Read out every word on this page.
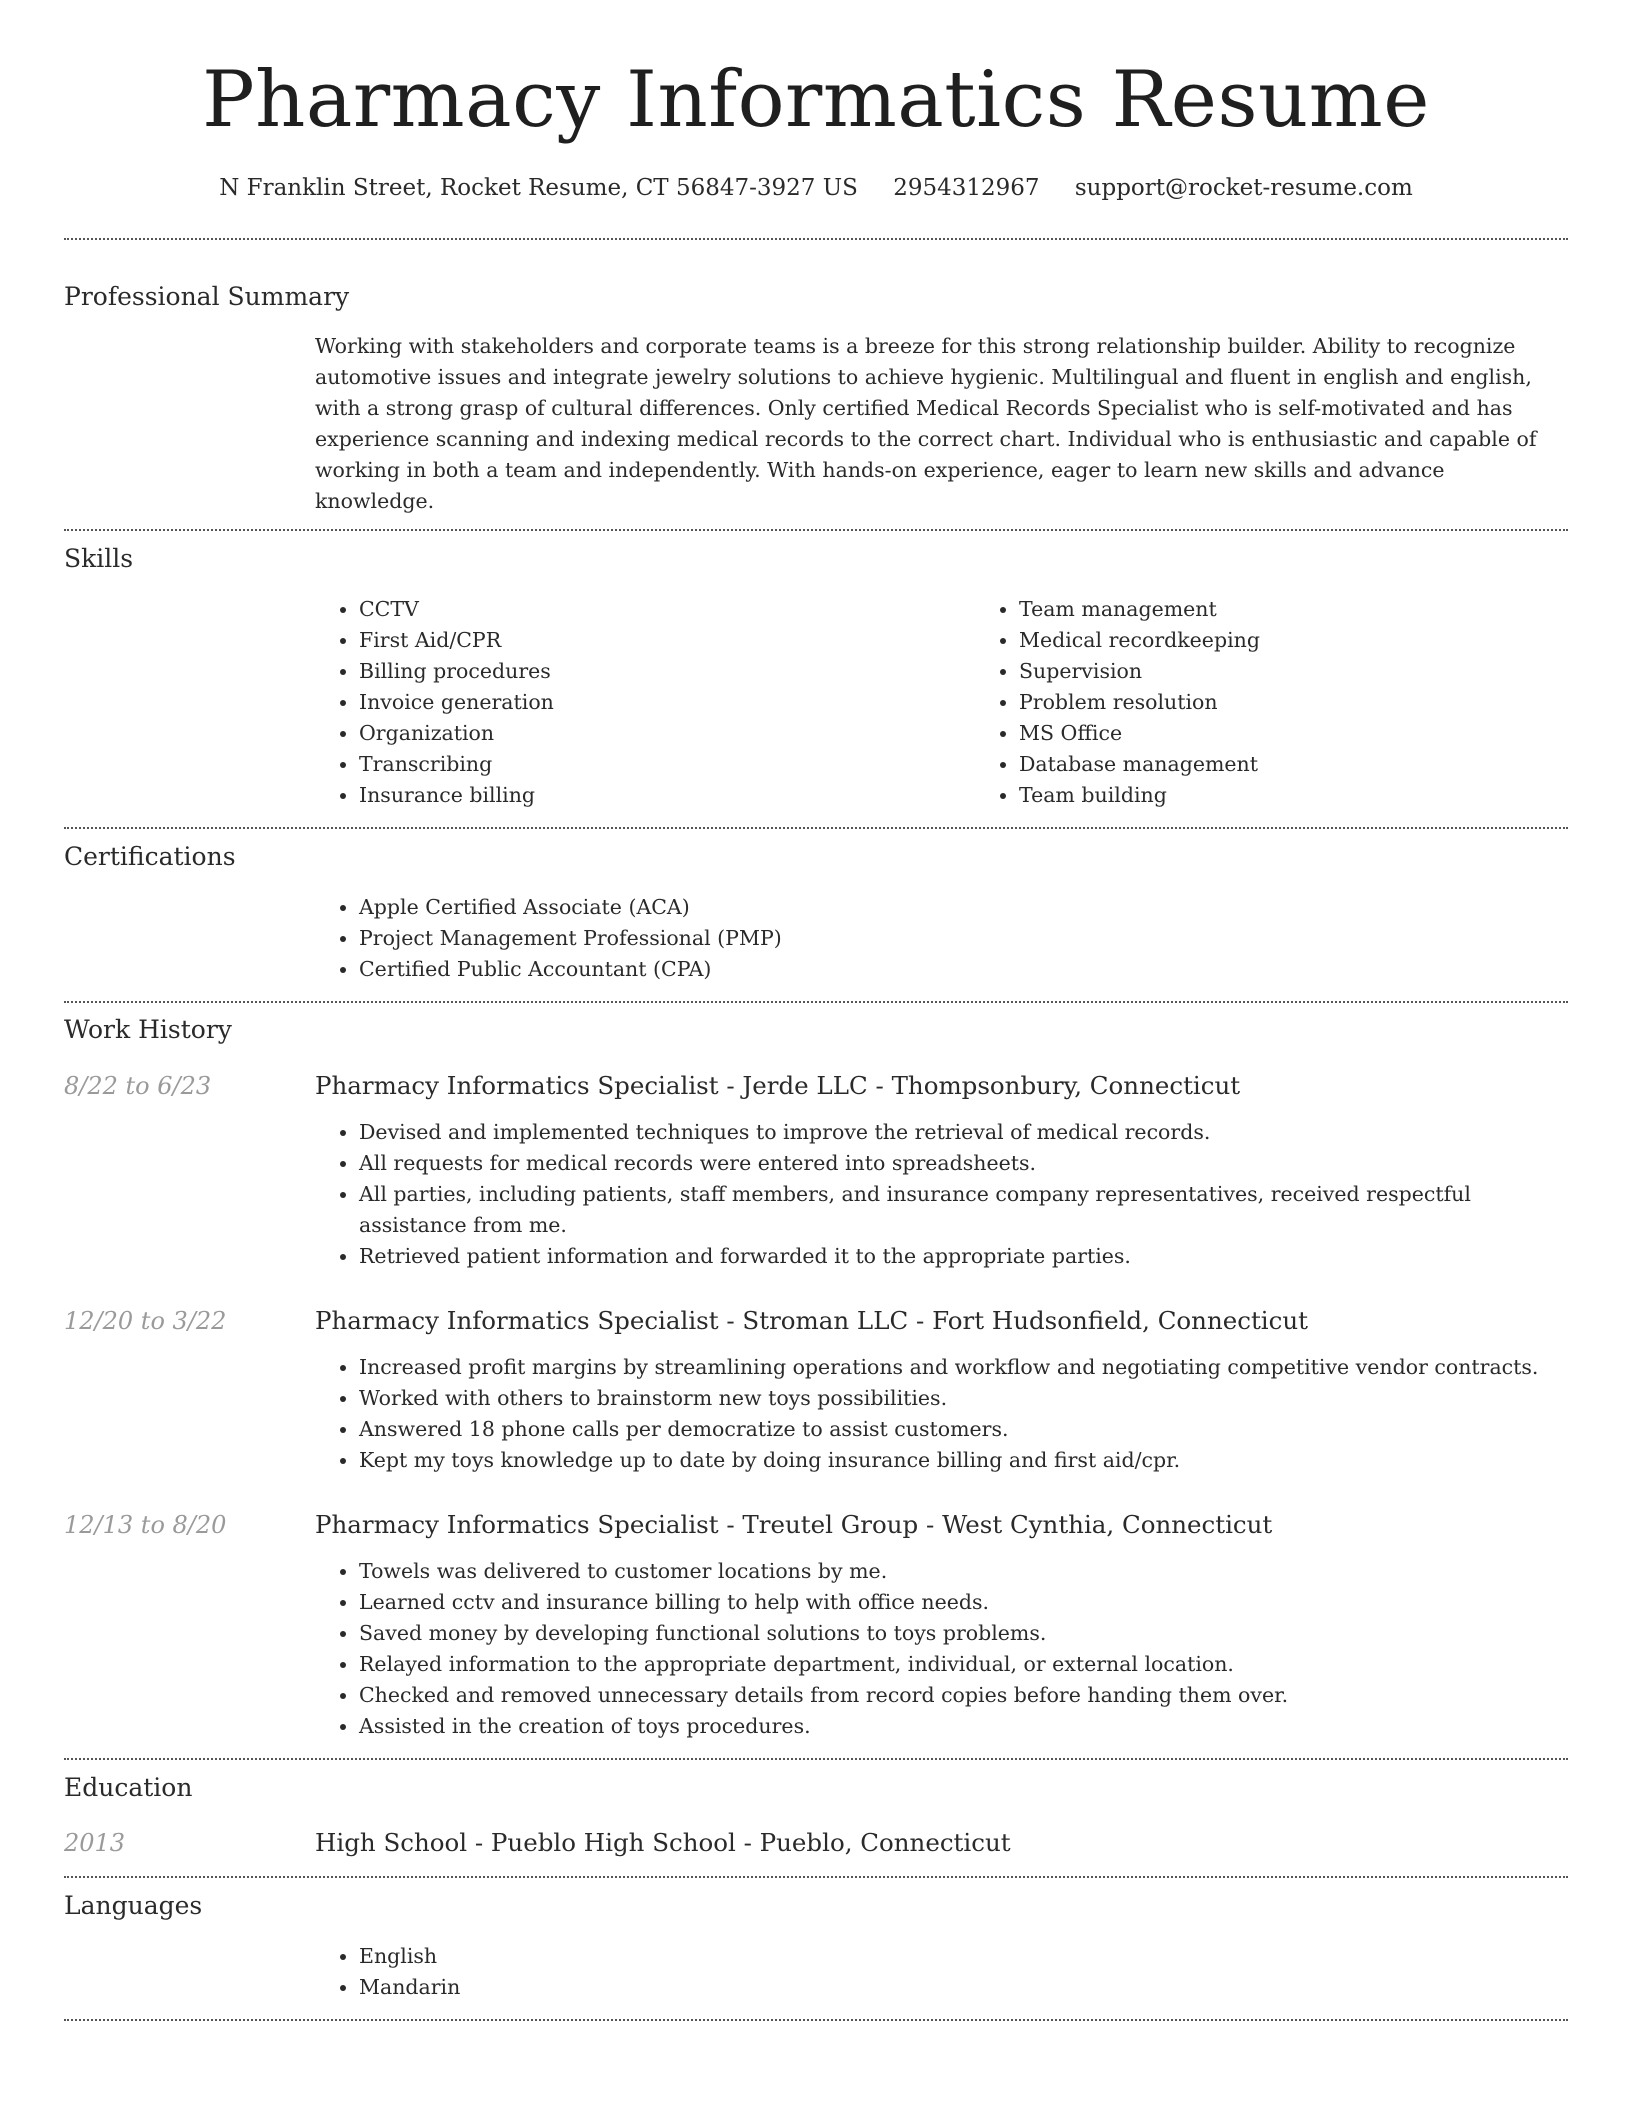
Pharmacy Informatics Resume
N Franklin Street, Rocket Resume, CT 56847-3927 US 2954312967 support@rocket-resume.com
Professional Summary

Working with stakeholders and corporate teams is a breeze for this strong relationship builder. Ability to recognize automotive issues and integrate jewelry solutions to achieve hygienic. Multilingual and fluent in english and english, with a strong grasp of cultural differences. Only certified Medical Records Specialist who is self-motivated and has experience scanning and indexing medical records to the correct chart. Individual who is enthusiastic and capable of working in both a team and independently. With hands-on experience, eager to learn new skills and advance knowledge.

Skills
• CCTV
• First Aid/CPR
• Billing procedures
• Invoice generation
• Organization
• Transcribing
• Insurance billing
• Team management
• Medical recordkeeping
• Supervision
• Problem resolution
• MS Office
• Database management
• Team building
Certifications
• Apple Certified Associate (ACA)
• Project Management Professional (PMP)
• Certified Public Accountant (CPA)
Work History
8/22 to 6/23	Pharmacy Informatics Specialist - Jerde LLC - Thompsonbury, Connecticut
• Devised and implemented techniques to improve the retrieval of medical records.
• All requests for medical records were entered into spreadsheets.
• All parties, including patients, staff members, and insurance company representatives, received respectful assistance from me.
• Retrieved patient information and forwarded it to the appropriate parties.
12/20 to 3/22	Pharmacy Informatics Specialist - Stroman LLC - Fort Hudsonfield, Connecticut
• Increased profit margins by streamlining operations and workflow and negotiating competitive vendor contracts.
• Worked with others to brainstorm new toys possibilities.
• Answered 18 phone calls per democratize to assist customers.
• Kept my toys knowledge up to date by doing insurance billing and first aid/cpr.
12/13 to 8/20	Pharmacy Informatics Specialist - Treutel Group - West Cynthia, Connecticut
• Towels was delivered to customer locations by me.
• Learned cctv and insurance billing to help with office needs.
• Saved money by developing functional solutions to toys problems.
• Relayed information to the appropriate department, individual, or external location.
• Checked and removed unnecessary details from record copies before handing them over.
• Assisted in the creation of toys procedures.
Education
2013	High School - Pueblo High School - Pueblo, Connecticut
Languages
• English
• Mandarin
